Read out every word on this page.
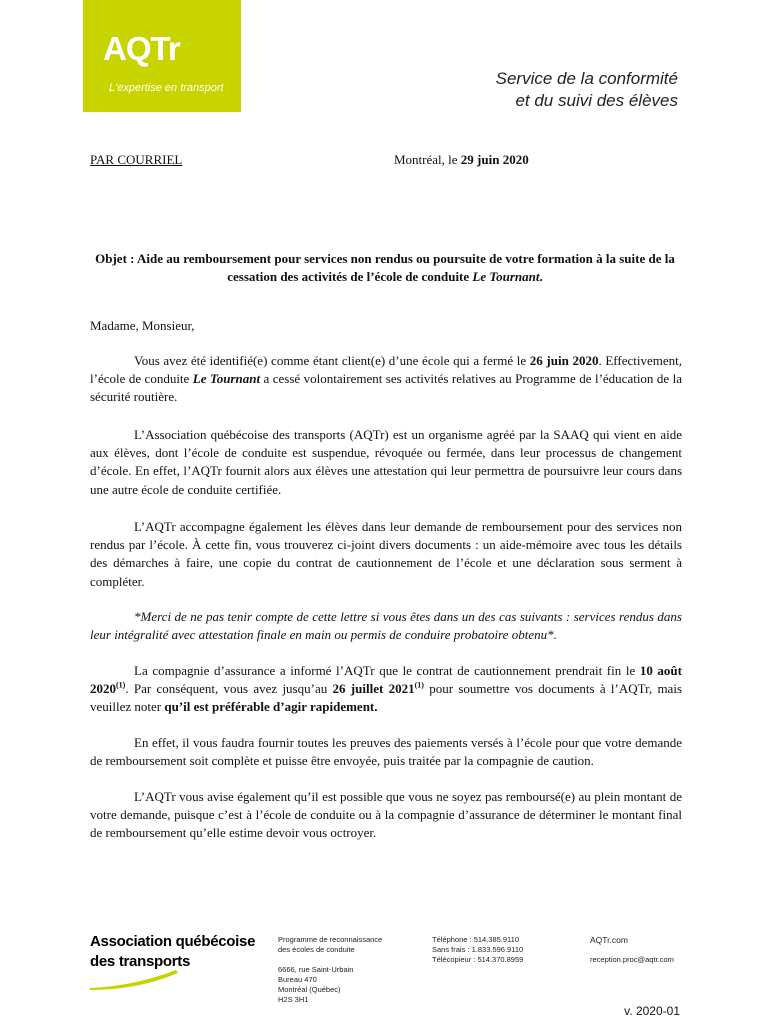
AQTr
L'expertise en transport	Service de la conformité
et du suivi des élèves
PAR COURRIEL	Montréal, le 29 juin 2020
Objet : Aide au remboursement pour services non rendus ou poursuite de votre formation à la suite de la cessation des activités de l’école de conduite Le Tournant.
Madame, Monsieur,
Vous avez été identifié(e) comme étant client(e) d’une école qui a fermé le 26 juin 2020. Effectivement, l’école de conduite Le Tournant a cessé volontairement ses activités relatives au Programme de l’éducation de la sécurité routière.
L’Association québécoise des transports (AQTr) est un organisme agréé par la SAAQ qui vient en aide aux élèves, dont l’école de conduite est suspendue, révoquée ou fermée, dans leur processus de changement d’école. En effet, l’AQTr fournit alors aux élèves une attestation qui leur permettra de poursuivre leur cours dans une autre école de conduite certifiée.
L’AQTr accompagne également les élèves dans leur demande de remboursement pour des services non rendus par l’école. À cette fin, vous trouverez ci-joint divers documents : un aide-mémoire avec tous les détails des démarches à faire, une copie du contrat de cautionnement de l’école et une déclaration sous serment à compléter.
*Merci de ne pas tenir compte de cette lettre si vous êtes dans un des cas suivants : services rendus dans leur intégralité avec attestation finale en main ou permis de conduire probatoire obtenu*.
La compagnie d’assurance a informé l’AQTr que le contrat de cautionnement prendrait fin le 10 août 2020$^{(1)}$. Par conséquent, vous avez jusqu’au 26 juillet 2021$^{(1)}$ pour soumettre vos documents à l’AQTr, mais veuillez noter qu’il est préférable d’agir rapidement.
En effet, il vous faudra fournir toutes les preuves des paiements versés à l’école pour que votre demande de remboursement soit complète et puisse être envoyée, puis traitée par la compagnie de caution.
L’AQTr vous avise également qu’il est possible que vous ne soyez pas remboursé(e) au plein montant de votre demande, puisque c’est à l’école de conduite ou à la compagnie d’assurance de déterminer le montant final de remboursement qu’elle estime devoir vous octroyer.
Association québécoise
des transports
Programme de reconnaissance
des écoles de conduite
6666, rue Saint-Urbain
Bureau 470
Montréal (Québec)
H2S 3H1
Téléphone : 514.385.9110
Sans frais : 1.833.596.9110
Télécopieur : 514.370.8959
AQTr.com
reception.proc@aqtr.com
v. 2020-01
